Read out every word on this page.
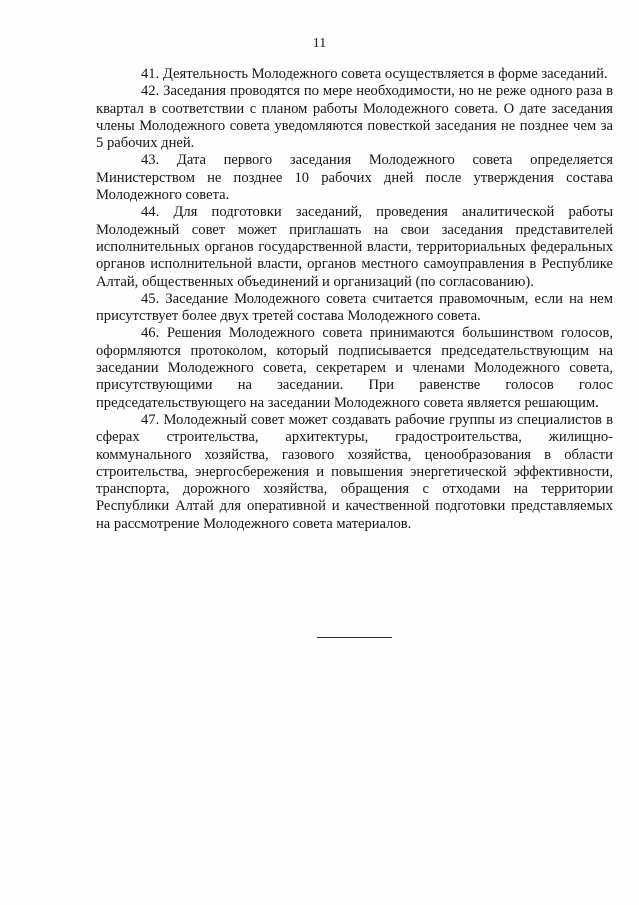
11

41. Деятельность Молодежного совета осуществляется в форме заседаний.

42. Заседания проводятся по мере необходимости, но не реже одного раза в квартал в соответствии с планом работы Молодежного совета. О дате заседания члены Молодежного совета уведомляются повесткой заседания не позднее чем за 5 рабочих дней.

43. Дата первого заседания Молодежного совета определяется Министерством не позднее 10 рабочих дней после утверждения состава Молодежного совета.

44. Для подготовки заседаний, проведения аналитической работы Молодежный совет может приглашать на свои заседания представителей исполнительных органов государственной власти, территориальных федеральных органов исполнительной власти, органов местного самоуправления в Республике Алтай, общественных объединений и организаций (по согласованию).

45. Заседание Молодежного совета считается правомочным, если на нем присутствует более двух третей состава Молодежного совета.

46. Решения Молодежного совета принимаются большинством голосов, оформляются протоколом, который подписывается председательствующим на заседании Молодежного совета, секретарем и членами Молодежного совета, присутствующими на заседании. При равенстве голосов голос председательствующего на заседании Молодежного совета является решающим.

47. Молодежный совет может создавать рабочие группы из специалистов в сферах строительства, архитектуры, градостроительства, жилищно-коммунального хозяйства, газового хозяйства, ценообразования в области строительства, энергосбережения и повышения энергетической эффективности, транспорта, дорожного хозяйства, обращения с отходами на территории Республики Алтай для оперативной и качественной подготовки представляемых на рассмотрение Молодежного совета материалов.
